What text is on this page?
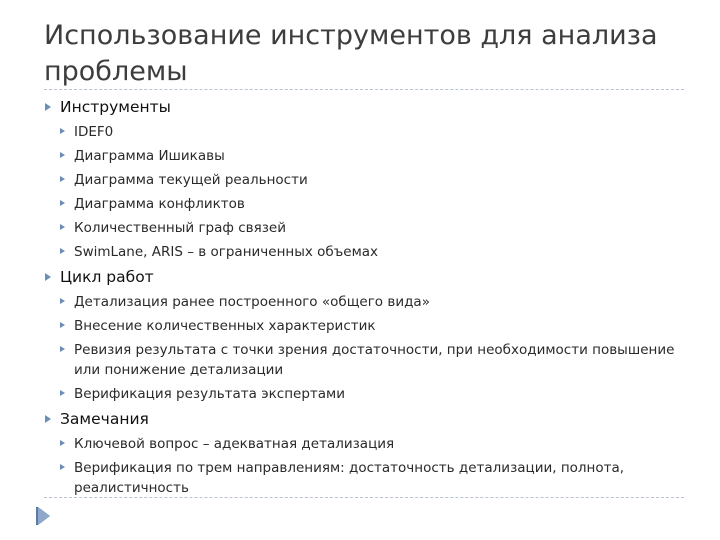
Использование инструментов для анализа проблемы
Инструменты
IDEF0
Диаграмма Ишикавы
Диаграмма текущей реальности
Диаграмма конфликтов
Количественный граф связей
SwimLane, ARIS – в ограниченных объемах
Цикл работ
Детализация ранее построенного «общего вида»
Внесение количественных характеристик
Ревизия результата с точки зрения достаточности, при необходимости повышение или понижение детализации
Верификация результата экспертами
Замечания
Ключевой вопрос – адекватная детализация
Верификация по трем направлениям: достаточность детализации, полнота, реалистичность
